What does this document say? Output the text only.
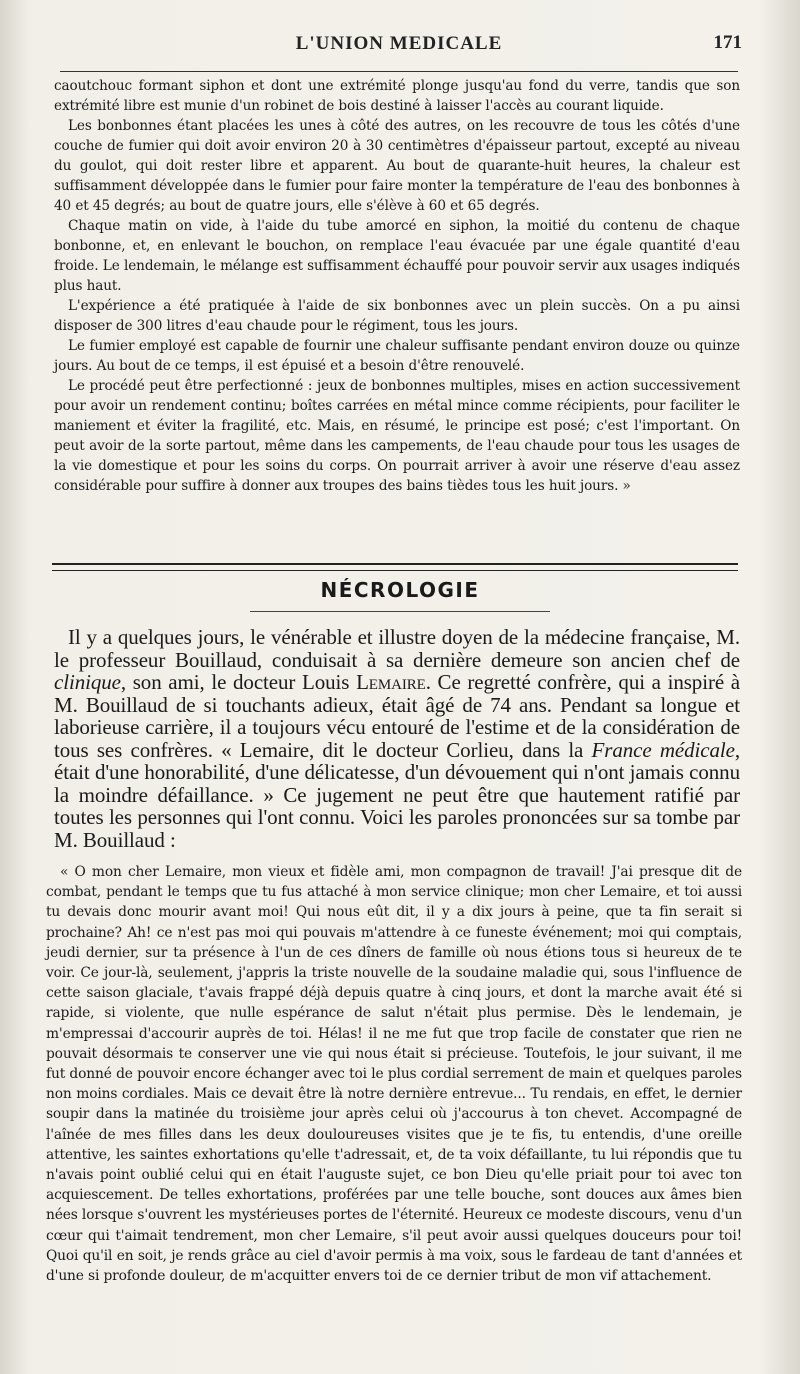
L'UNION MEDICALE	171

caoutchouc formant siphon et dont une extrémité plonge jusqu'au fond du verre, tandis que son extrémité libre est munie d'un robinet de bois destiné à laisser l'accès au courant liquide.

Les bonbonnes étant placées les unes à côté des autres, on les recouvre de tous les côtés d'une couche de fumier qui doit avoir environ 20 à 30 centimètres d'épaisseur partout, excepté au niveau du goulot, qui doit rester libre et apparent. Au bout de quarante-huit heures, la chaleur est suffisamment développée dans le fumier pour faire monter la température de l'eau des bonbonnes à 40 et 45 degrés; au bout de quatre jours, elle s'élève à 60 et 65 degrés.

Chaque matin on vide, à l'aide du tube amorcé en siphon, la moitié du contenu de chaque bonbonne, et, en enlevant le bouchon, on remplace l'eau évacuée par une égale quantité d'eau froide. Le lendemain, le mélange est suffisamment échauffé pour pouvoir servir aux usages indiqués plus haut.

L'expérience a été pratiquée à l'aide de six bonbonnes avec un plein succès. On a pu ainsi disposer de 300 litres d'eau chaude pour le régiment, tous les jours.

Le fumier employé est capable de fournir une chaleur suffisante pendant environ douze ou quinze jours. Au bout de ce temps, il est épuisé et a besoin d'être renouvelé.

Le procédé peut être perfectionné : jeux de bonbonnes multiples, mises en action successivement pour avoir un rendement continu; boîtes carrées en métal mince comme récipients, pour faciliter le maniement et éviter la fragilité, etc. Mais, en résumé, le principe est posé; c'est l'important. On peut avoir de la sorte partout, même dans les campements, de l'eau chaude pour tous les usages de la vie domestique et pour les soins du corps. On pourrait arriver à avoir une réserve d'eau assez considérable pour suffire à donner aux troupes des bains tièdes tous les huit jours. »

NÉCROLOGIE

Il y a quelques jours, le vénérable et illustre doyen de la médecine française, M. le professeur Bouillaud, conduisait à sa dernière demeure son ancien chef de clinique, son ami, le docteur Louis Lemaire. Ce regretté confrère, qui a inspiré à M. Bouillaud de si touchants adieux, était âgé de 74 ans. Pendant sa longue et laborieuse carrière, il a toujours vécu entouré de l'estime et de la considération de tous ses confrères. « Lemaire, dit le docteur Corlieu, dans la France médicale, était d'une honorabilité, d'une délicatesse, d'un dévouement qui n'ont jamais connu la moindre défaillance. » Ce jugement ne peut être que hautement ratifié par toutes les personnes qui l'ont connu. Voici les paroles prononcées sur sa tombe par M. Bouillaud :

« O mon cher Lemaire, mon vieux et fidèle ami, mon compagnon de travail! J'ai presque dit de combat, pendant le temps que tu fus attaché à mon service clinique; mon cher Lemaire, et toi aussi tu devais donc mourir avant moi! Qui nous eût dit, il y a dix jours à peine, que ta fin serait si prochaine? Ah! ce n'est pas moi qui pouvais m'attendre à ce funeste événement; moi qui comptais, jeudi dernier, sur ta présence à l'un de ces dîners de famille où nous étions tous si heureux de te voir. Ce jour-là, seulement, j'appris la triste nouvelle de la soudaine maladie qui, sous l'influence de cette saison glaciale, t'avais frappé déjà depuis quatre à cinq jours, et dont la marche avait été si rapide, si violente, que nulle espérance de salut n'était plus permise. Dès le lendemain, je m'empressai d'accourir auprès de toi. Hélas! il ne me fut que trop facile de constater que rien ne pouvait désormais te conserver une vie qui nous était si précieuse. Toutefois, le jour suivant, il me fut donné de pouvoir encore échanger avec toi le plus cordial serrement de main et quelques paroles non moins cordiales. Mais ce devait être là notre dernière entrevue... Tu rendais, en effet, le dernier soupir dans la matinée du troisième jour après celui où j'accourus à ton chevet. Accompagné de l'aînée de mes filles dans les deux douloureuses visites que je te fis, tu entendis, d'une oreille attentive, les saintes exhortations qu'elle t'adressait, et, de ta voix défaillante, tu lui répondis que tu n'avais point oublié celui qui en était l'auguste sujet, ce bon Dieu qu'elle priait pour toi avec ton acquiescement. De telles exhortations, proférées par une telle bouche, sont douces aux âmes bien nées lorsque s'ouvrent les mystérieuses portes de l'éternité. Heureux ce modeste discours, venu d'un cœur qui t'aimait tendrement, mon cher Lemaire, s'il peut avoir aussi quelques douceurs pour toi! Quoi qu'il en soit, je rends grâce au ciel d'avoir permis à ma voix, sous le fardeau de tant d'années et d'une si profonde douleur, de m'acquitter envers toi de ce dernier tribut de mon vif attachement.
